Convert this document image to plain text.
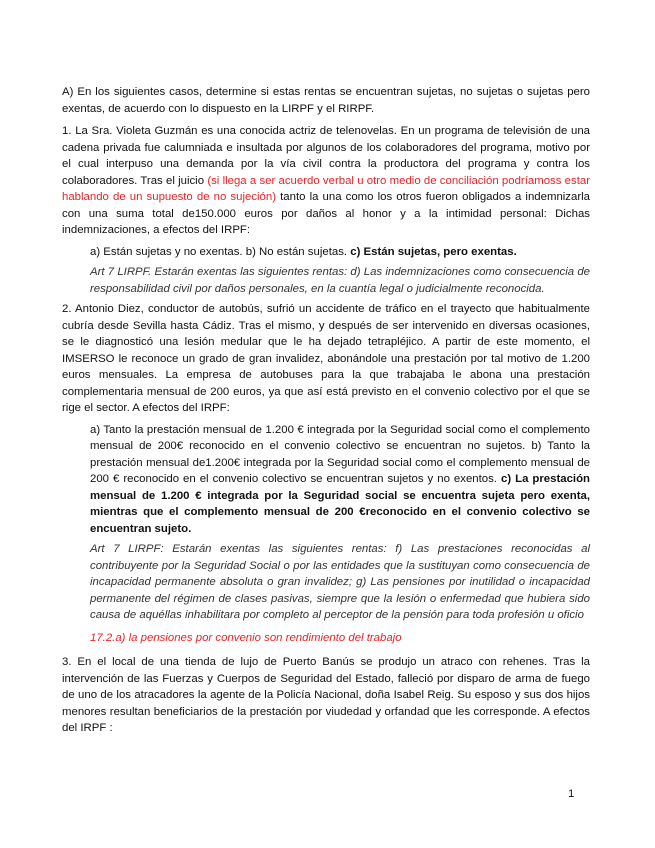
A) En los siguientes casos, determine si estas rentas se encuentran sujetas, no sujetas o sujetas pero exentas, de acuerdo con lo dispuesto en la LIRPF y el RIRPF.

1. La Sra. Violeta Guzmán es una conocida actriz de telenovelas. En un programa de televisión de una cadena privada fue calumniada e insultada por algunos de los colaboradores del programa, motivo por el cual interpuso una demanda por la vía civil contra la productora del programa y contra los colaboradores. Tras el juicio (si llega a ser acuerdo verbal u otro medio de conciliación podríamoss estar hablando de un supuesto de no sujeción) tanto la una como los otros fueron obligados a indemnizarla con una suma total de150.000 euros por daños al honor y a la intimidad personal: Dichas indemnizaciones, a efectos del IRPF:

a) Están sujetas y no exentas. b) No están sujetas. c) Están sujetas, pero exentas.

Art 7 LIRPF. Estarán exentas las siguientes rentas: d) Las indemnizaciones como consecuencia de responsabilidad civil por daños personales, en la cuantía legal o judicialmente reconocida.

2. Antonio Diez, conductor de autobús, sufrió un accidente de tráfico en el trayecto que habitualmente cubría desde Sevilla hasta Cádiz. Tras el mismo, y después de ser intervenido en diversas ocasiones, se le diagnosticó una lesión medular que le ha dejado tetrapléjico. A partir de este momento, el IMSERSO le reconoce un grado de gran invalidez, abonándole una prestación por tal motivo de 1.200 euros mensuales. La empresa de autobuses para la que trabajaba le abona una prestación complementaria mensual de 200 euros, ya que así está previsto en el convenio colectivo por el que se rige el sector. A efectos del IRPF:

a) Tanto la prestación mensual de 1.200 € integrada por la Seguridad social como el complemento mensual de 200€ reconocido en el convenio colectivo se encuentran no sujetos. b) Tanto la prestación mensual de1.200€ integrada por la Seguridad social como el complemento mensual de 200 € reconocido en el convenio colectivo se encuentran sujetos y no exentos. c) La prestación mensual de 1.200 € integrada por la Seguridad social se encuentra sujeta pero exenta, mientras que el complemento mensual de 200 €reconocido en el convenio colectivo se encuentran sujeto.

Art 7 LIRPF: Estarán exentas las siguientes rentas: f) Las prestaciones reconocidas al contribuyente por la Seguridad Social o por las entidades que la sustituyan como consecuencia de incapacidad permanente absoluta o gran invalidez; g) Las pensiones por inutilidad o incapacidad permanente del régimen de clases pasivas, siempre que la lesión o enfermedad que hubiera sido causa de aquéllas inhabilitara por completo al perceptor de la pensión para toda profesión u oficio

17.2.a) la pensiones por convenio son rendimiento del trabajo

3. En el local de una tienda de lujo de Puerto Banús se produjo un atraco con rehenes. Tras la intervención de las Fuerzas y Cuerpos de Seguridad del Estado, falleció por disparo de arma de fuego de uno de los atracadores la agente de la Policía Nacional, doña Isabel Reig. Su esposo y sus dos hijos menores resultan beneficiarios de la prestación por viudedad y orfandad que les corresponde. A efectos del IRPF :

1
